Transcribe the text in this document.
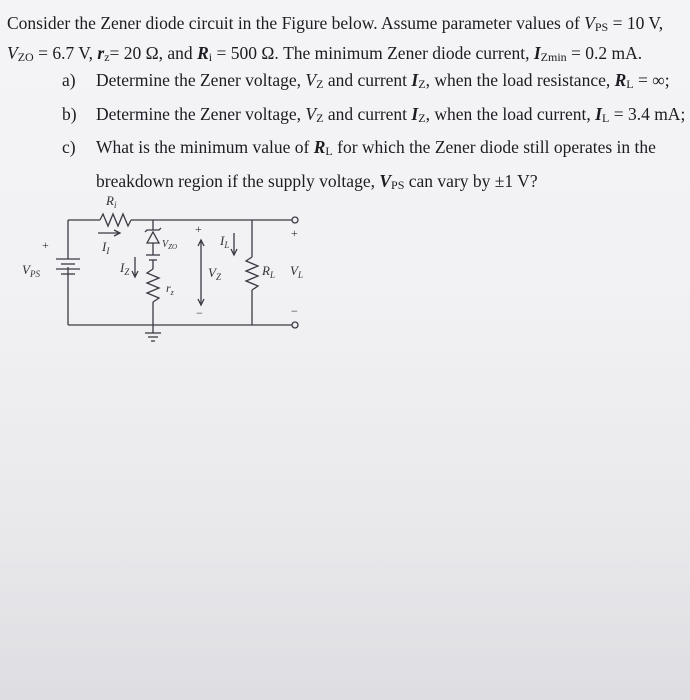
Consider the Zener diode circuit in the Figure below. Assume parameter values of $V_{PS} = 10$ V,

$V_{ZO} = 6.7$ V, $r_z= 20$ Ω, and $R_i = 500$ Ω. The minimum Zener diode current, $I_{Zmin} = 0.2$ mA.

a)	Determine the Zener voltage, $V_Z$ and current $I_Z$, when the load resistance, $R_L$ = ∞;
b)	Determine the Zener voltage, $V_Z$ and current $I_Z$, when the load current, $I_L = 3.4$ mA;
c)	What is the minimum value of $R_L$ for which the Zener diode still operates in the
breakdown region if the supply voltage, $V_{PS}$ can vary by ±1 V?
$R_i$
$I_I$
+
$V_{PS}$	$I_Z$
$V_{ZO}$
$r_z$
+
$V_Z$
−
$I_L$
$R_L$ $V_L$
+
−
